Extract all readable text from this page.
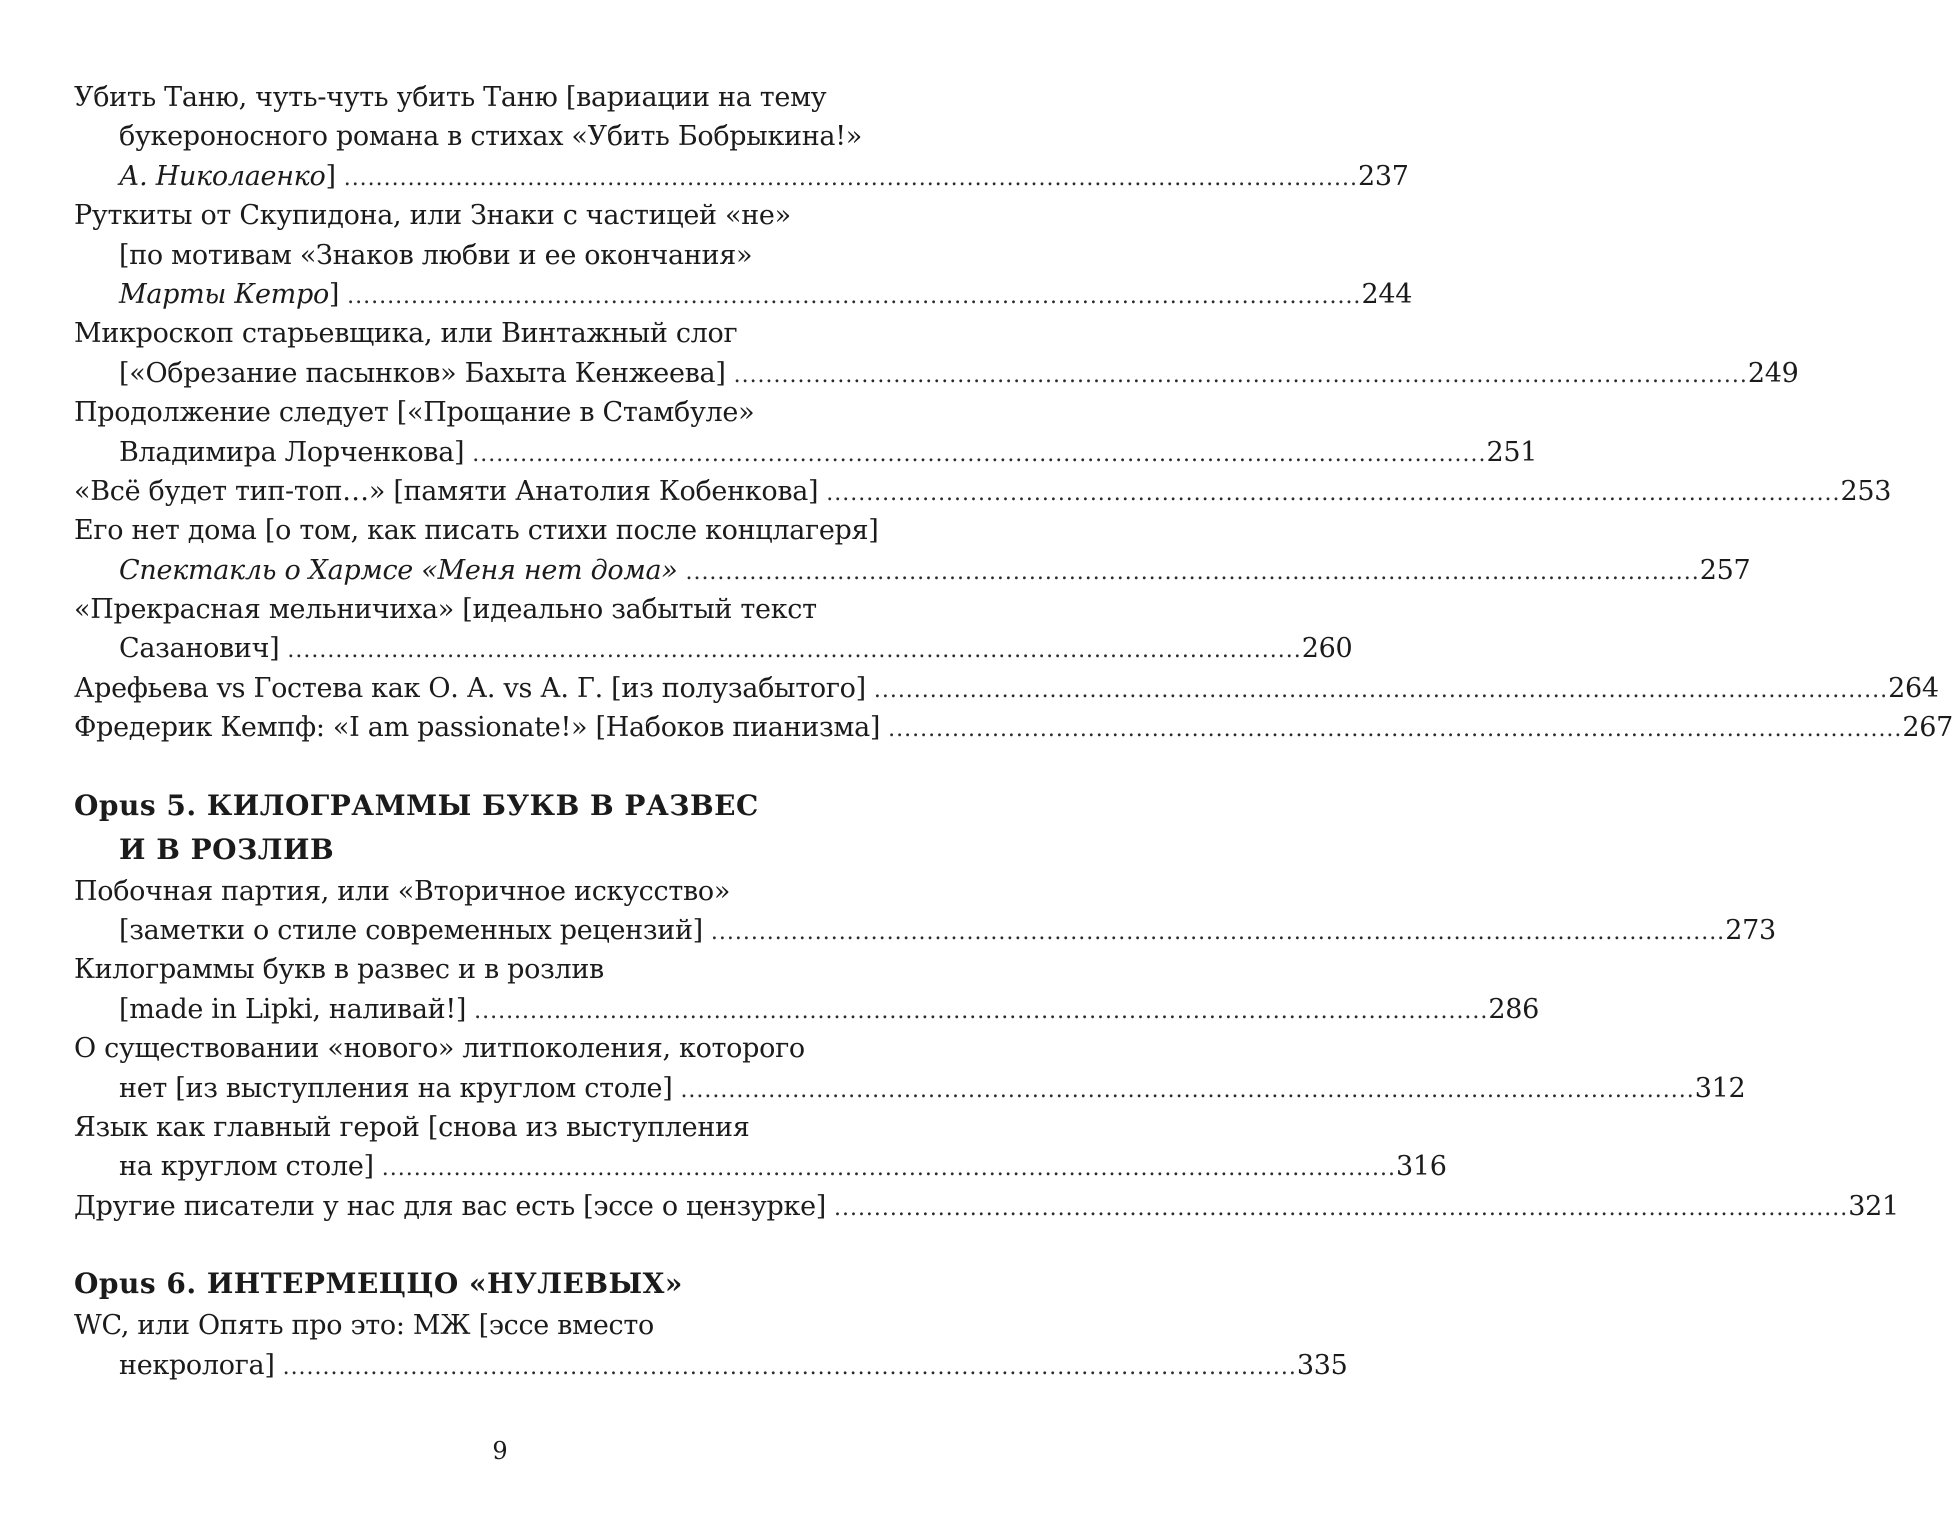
Убить Таню, чуть-чуть убить Таню [вариации на тему
букероносного романа в стихах «Убить Бобрыкина!»
А. Николаенко] . . .	237
Руткиты от Скупидона, или Знаки с частицей «не»
[по мотивам «Знаков любви и ее окончания»
Марты Кетро] . . .	244
Микроскоп старьевщика, или Винтажный слог
[«Обрезание пасынков» Бахыта Кенжеева] . . .	249
Продолжение следует [«Прощание в Стамбуле»
Владимира Лорченкова] . . .	251
«Всё будет тип-топ…» [памяти Анатолия Кобенкова] . . .	253
Его нет дома [о том, как писать стихи после концлагеря]
Спектакль о Хармсе «Меня нет дома» . . .	257
«Прекрасная мельничиха» [идеально забытый текст
Сазанович] . . .	260
Арефьева vs Гостева как О. А. vs А. Г. [из полузабытого] . . .	264
Фредерик Кемпф: «I am passionate!» [Набоков пианизма] . . .	267
Opus 5. КИЛОГРАММЫ БУКВ В РАЗВЕС
И В РОЗЛИВ
Побочная партия, или «Вторичное искусство»
[заметки о стиле современных рецензий] . . .	273
Килограммы букв в развес и в розлив
[made in Lipki, наливай!] . . .	286
О существовании «нового» литпоколения, которого
нет [из выступления на круглом столе] . . .	312
Язык как главный герой [снова из выступления
на круглом столе] . . .	316
Другие писатели у нас для вас есть [эссе о цензурке] . . .	321
Opus 6. ИНТЕРМЕЦЦО «НУЛЕВЫХ»
WC, или Опять про это: МЖ [эссе вместо
некролога] . . .	335
9
